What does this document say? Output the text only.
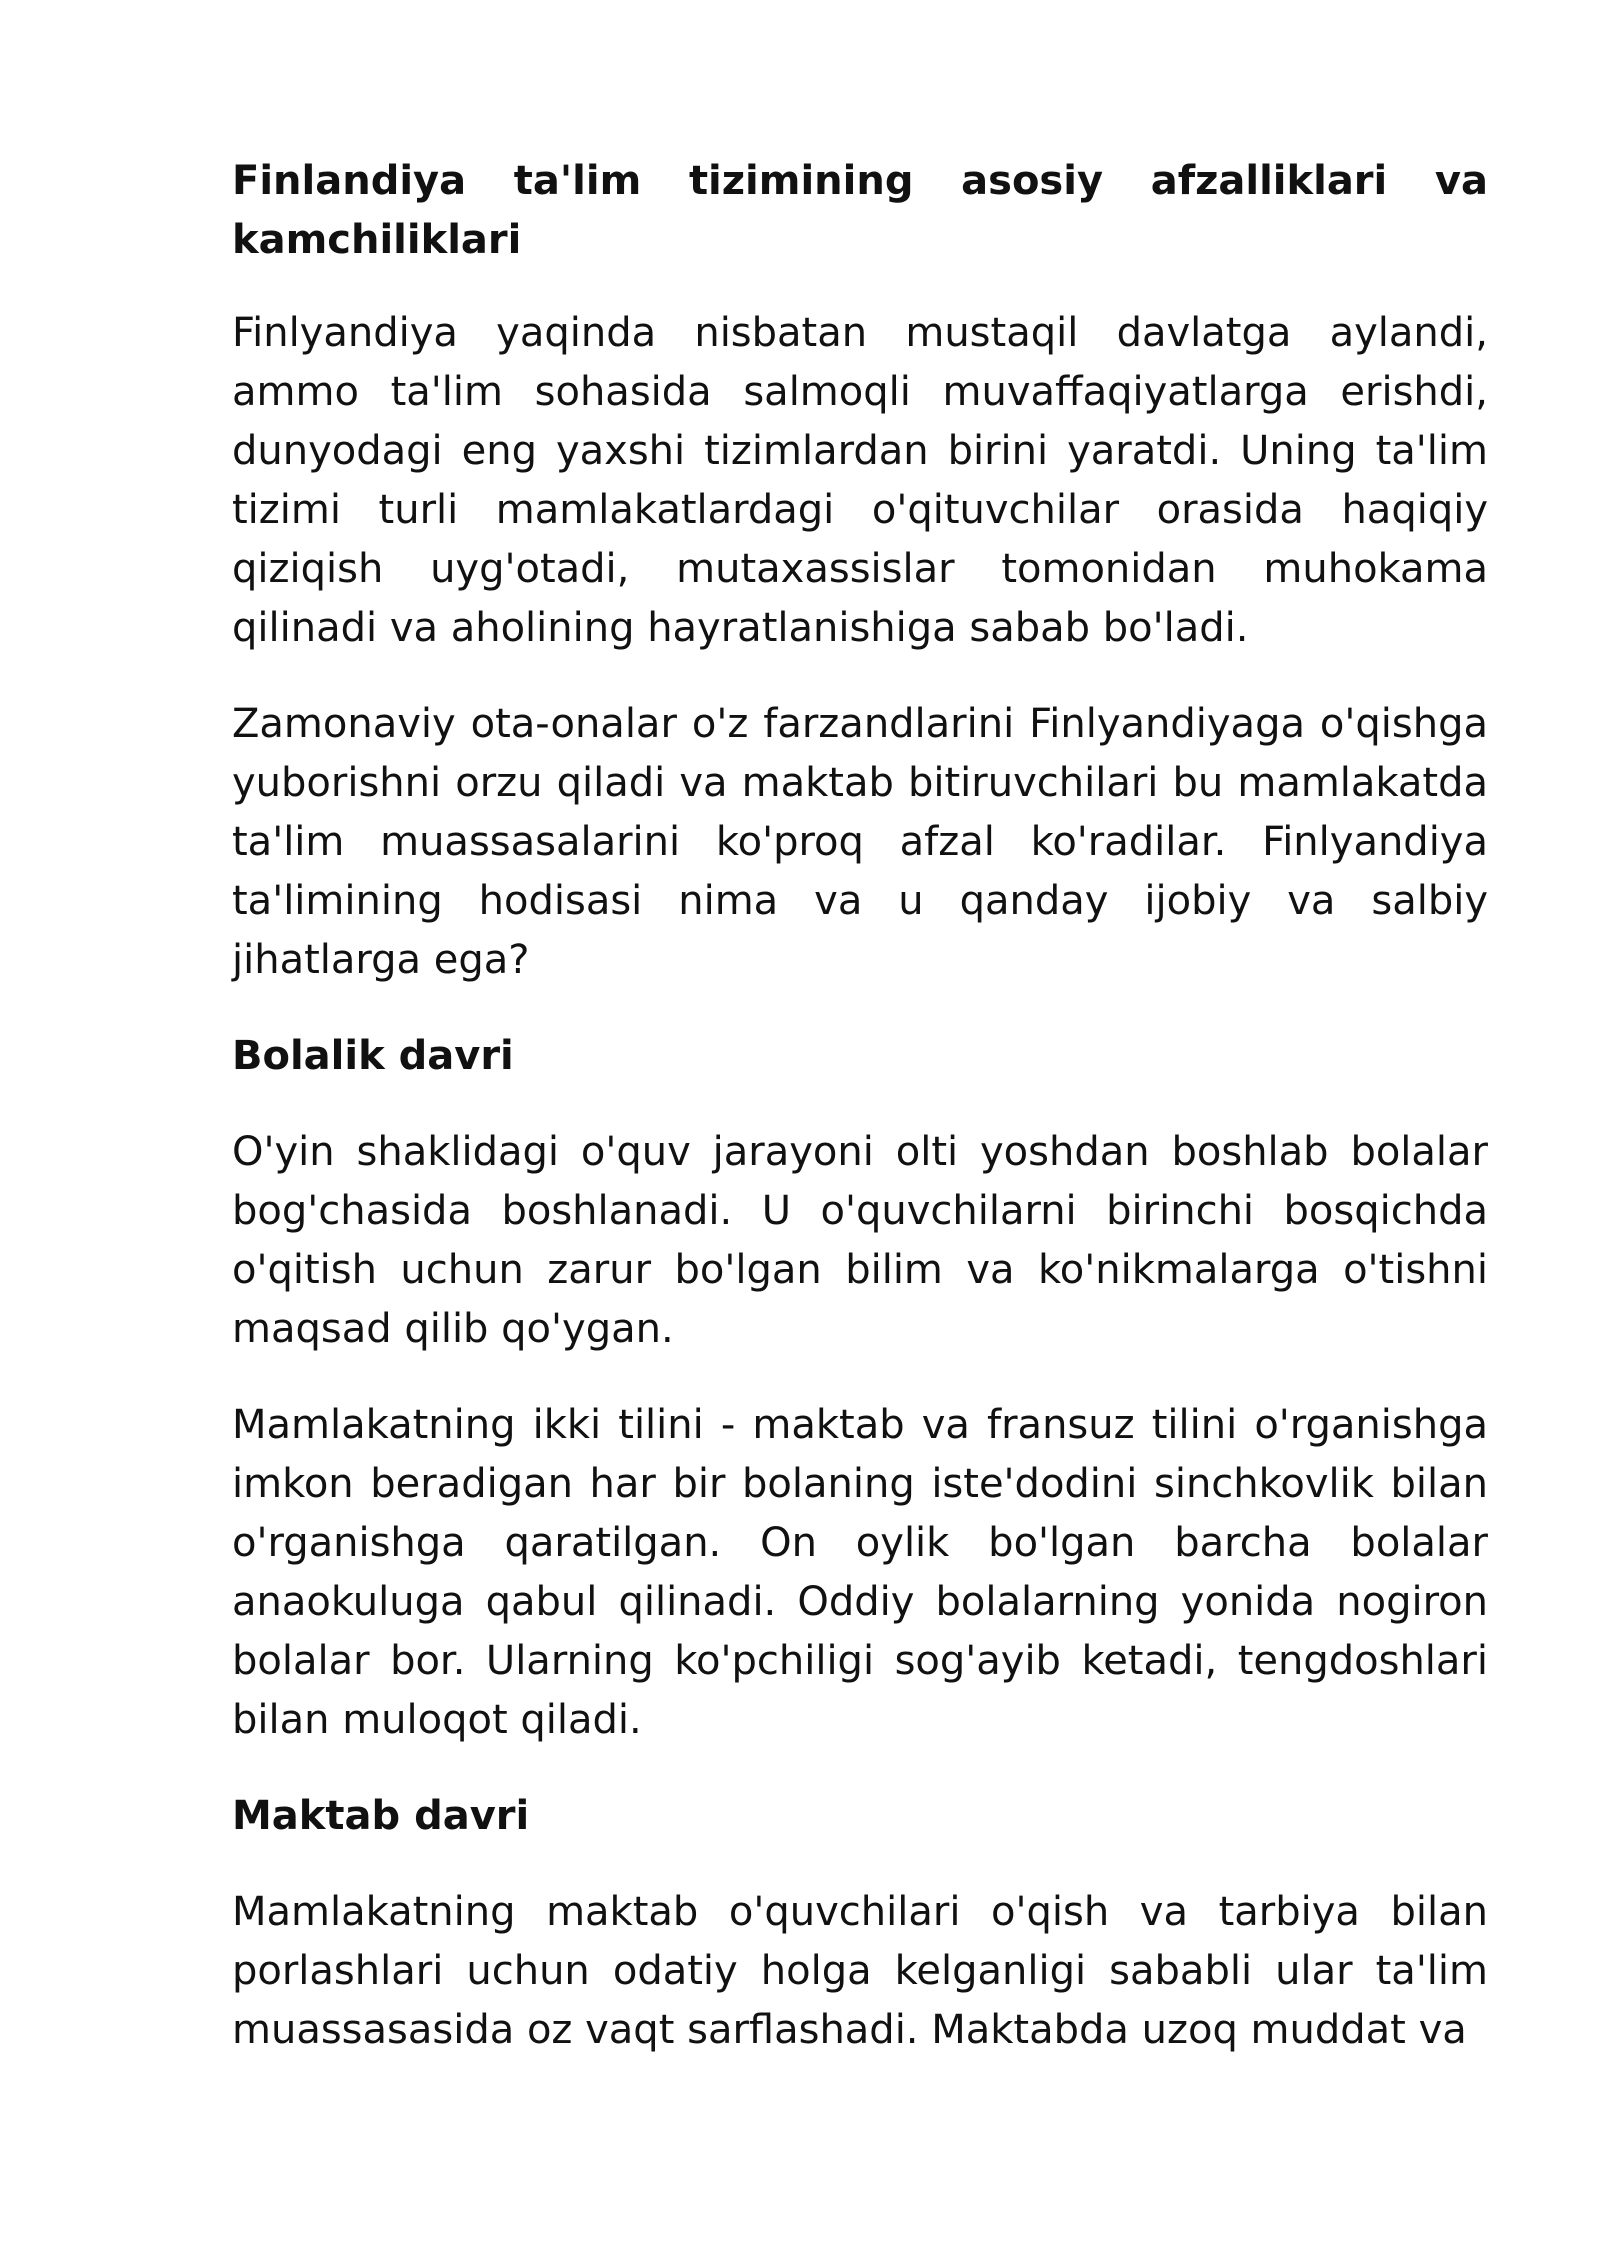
Finlandiya ta'lim tizimining asosiy afzalliklari va kamchiliklari

Finlyandiya yaqinda nisbatan mustaqil davlatga aylandi, ammo ta'lim sohasida salmoqli muvaffaqiyatlarga erishdi, dunyodagi eng yaxshi tizimlardan birini yaratdi. Uning ta'lim tizimi turli mamlakatlardagi o'qituvchilar orasida haqiqiy qiziqish uyg'otadi, mutaxassislar tomonidan muhokama qilinadi va aholining hayratlanishiga sabab bo'ladi.

Zamonaviy ota-onalar o'z farzandlarini Finlyandiyaga o'qishga yuborishni orzu qiladi va maktab bitiruvchilari bu mamlakatda ta'lim muassasalarini ko'proq afzal ko'radilar. Finlyandiya ta'limining hodisasi nima va u qanday ijobiy va salbiy jihatlarga ega?

Bolalik davri

O'yin shaklidagi o'quv jarayoni olti yoshdan boshlab bolalar bog'chasida boshlanadi. U o'quvchilarni birinchi bosqichda o'qitish uchun zarur bo'lgan bilim va ko'nikmalarga o'tishni maqsad qilib qo'ygan.

Mamlakatning ikki tilini - maktab va fransuz tilini o'rganishga imkon beradigan har bir bolaning iste'dodini sinchkovlik bilan o'rganishga qaratilgan. On oylik bo'lgan barcha bolalar anaokuluga qabul qilinadi. Oddiy bolalarning yonida nogiron bolalar bor. Ularning ko'pchiligi sog'ayib ketadi, tengdoshlari bilan muloqot qiladi.

Maktab davri

Mamlakatning maktab o'quvchilari o'qish va tarbiya bilan porlashlari uchun odatiy holga kelganligi sababli ular ta'lim muassasasida oz vaqt sarflashadi. Maktabda uzoq muddat va
